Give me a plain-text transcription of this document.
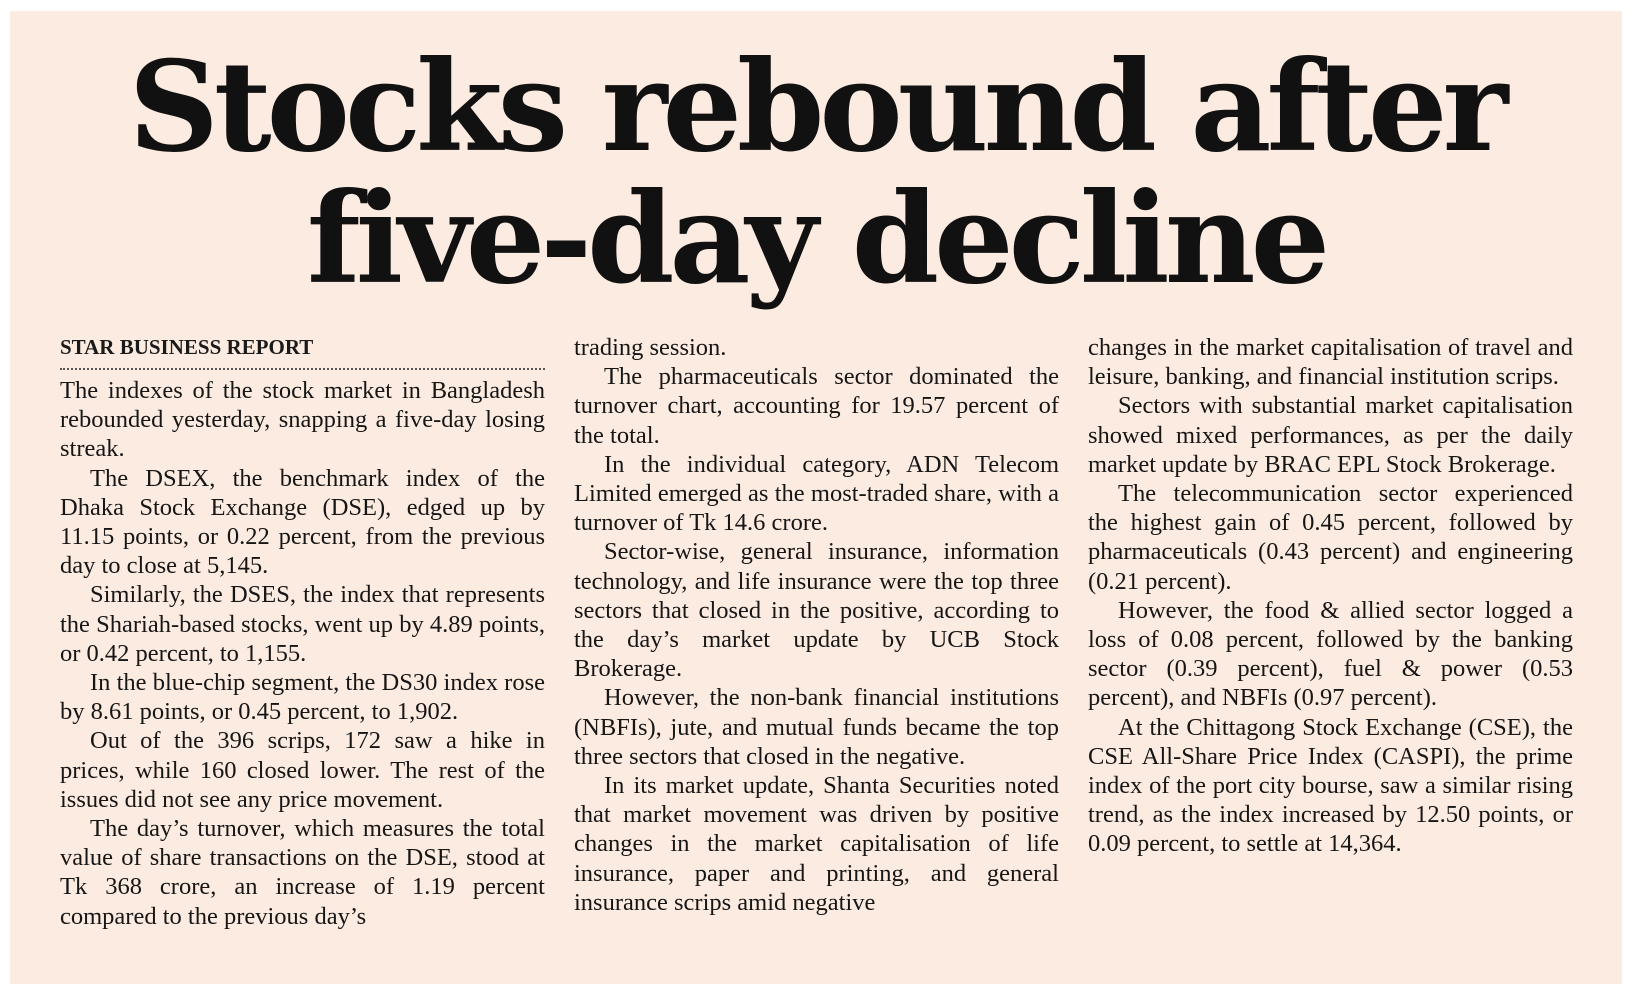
Stocks rebound after
five-day decline
STAR BUSINESS REPORT

The indexes of the stock market in Bangladesh rebounded yesterday, snapping a five-day losing streak.

The DSEX, the benchmark index of the Dhaka Stock Exchange (DSE), edged up by 11.15 points, or 0.22 percent, from the previous day to close at 5,145.

Similarly, the DSES, the index that represents the Shariah-based stocks, went up by 4.89 points, or 0.42 percent, to 1,155.

In the blue-chip segment, the DS30 index rose by 8.61 points, or 0.45 percent, to 1,902.

Out of the 396 scrips, 172 saw a hike in prices, while 160 closed lower. The rest of the issues did not see any price movement.

The day’s turnover, which measures the total value of share transactions on the DSE, stood at Tk 368 crore, an increase of 1.19 percent compared to the previous day’s

trading session.

The pharmaceuticals sector dominated the turnover chart, accounting for 19.57 percent of the total.

In the individual category, ADN Telecom Limited emerged as the most-traded share, with a turnover of Tk 14.6 crore.

Sector-wise, general insurance, information technology, and life insurance were the top three sectors that closed in the positive, according to the day’s market update by UCB Stock Brokerage.

However, the non-bank financial institutions (NBFIs), jute, and mutual funds became the top three sectors that closed in the negative.

In its market update, Shanta Securities noted that market movement was driven by positive changes in the market capitalisation of life insurance, paper and printing, and general insurance scrips amid negative

changes in the market capitalisation of travel and leisure, banking, and financial institution scrips.

Sectors with substantial market capitalisation showed mixed performances, as per the daily market update by BRAC EPL Stock Brokerage.

The telecommunication sector experienced the highest gain of 0.45 percent, followed by pharmaceuticals (0.43 percent) and engineering (0.21 percent).

However, the food & allied sector logged a loss of 0.08 percent, followed by the banking sector (0.39 percent), fuel & power (0.53 percent), and NBFIs (0.97 percent).

At the Chittagong Stock Exchange (CSE), the CSE All-Share Price Index (CASPI), the prime index of the port city bourse, saw a similar rising trend, as the index increased by 12.50 points, or 0.09 percent, to settle at 14,364.
